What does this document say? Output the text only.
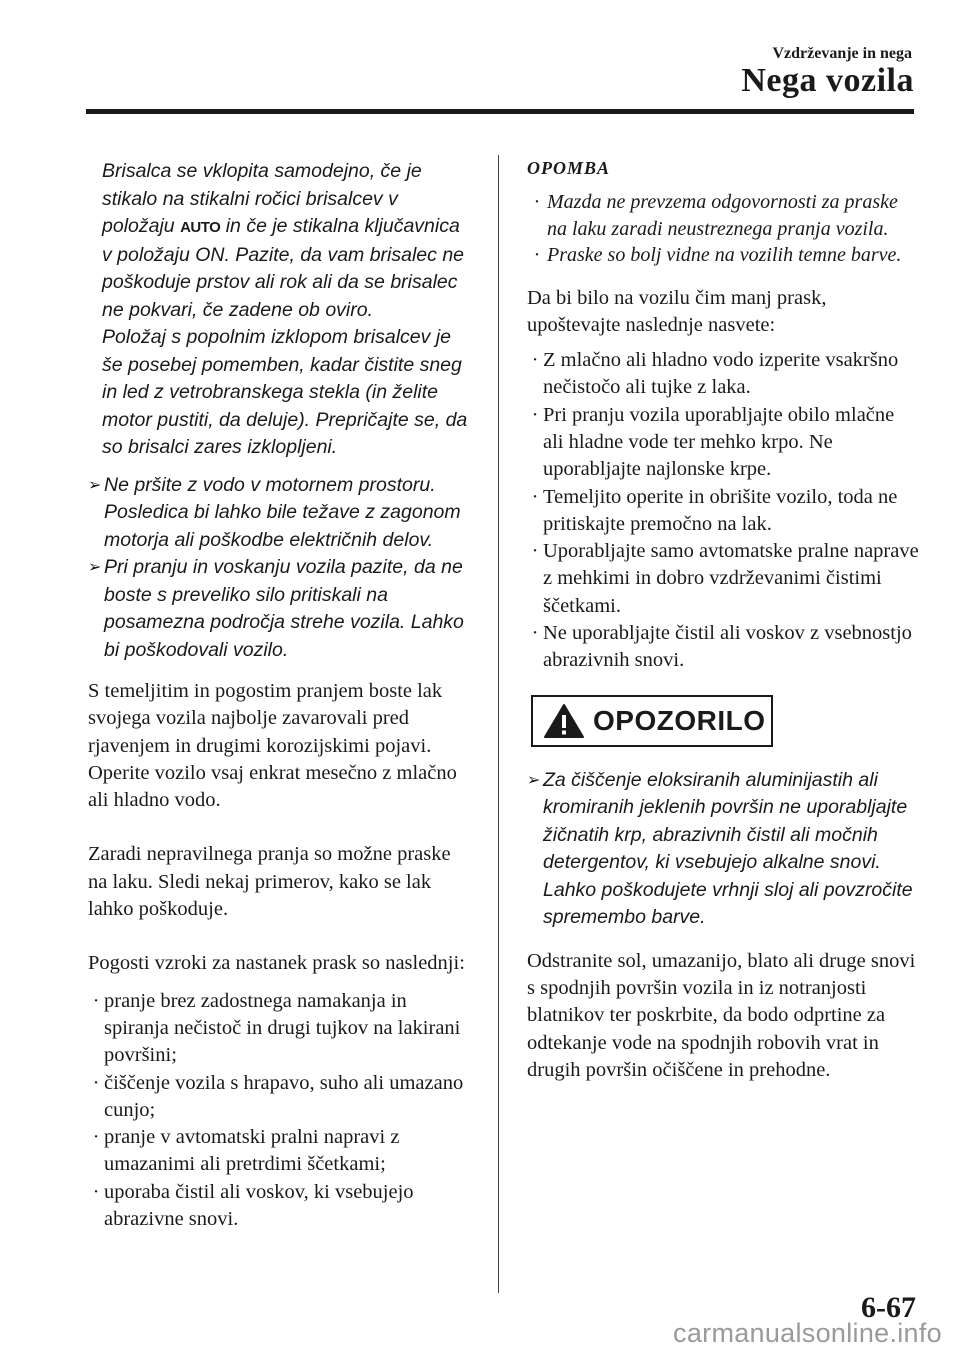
Vzdrževanje in nega
Nega vozila

Brisalca se vklopita samodejno, če je stikalo na stikalni ročici brisalcev v položaju AUTO in če je stikalna ključavnica v položaju ON. Pazite, da vam brisalec ne poškoduje prstov ali rok ali da se brisalec ne pokvari, če zadene ob oviro.

Položaj s popolnim izklopom brisalcev je še posebej pomemben, kadar čistite sneg in led z vetrobranskega stekla (in želite motor pustiti, da deluje). Prepričajte se, da so brisalci zares izklopljeni.

➢ Ne pršite z vodo v motornem prostoru. Posledica bi lahko bile težave z zagonom motorja ali poškodbe električnih delov.
➢ Pri pranju in voskanju vozila pazite, da ne boste s preveliko silo pritiskali na posamezna področja strehe vozila. Lahko bi poškodovali vozilo.

S temeljitim in pogostim pranjem boste lak svojega vozila najbolje zavarovali pred rjavenjem in drugimi korozijskimi pojavi. Operite vozilo vsaj enkrat mesečno z mlačno ali hladno vodo.

Zaradi nepravilnega pranja so možne praske na laku. Sledi nekaj primerov, kako se lak lahko poškoduje.

Pogosti vzroki za nastanek prask so naslednji:

· pranje brez zadostnega namakanja in spiranja nečistoč in drugi tujkov na lakirani površini;
· čiščenje vozila s hrapavo, suho ali umazano cunjo;
· pranje v avtomatski pralni napravi z umazanimi ali pretrdimi ščetkami;
· uporaba čistil ali voskov, ki vsebujejo abrazivne snovi.

OPOMBA

· Mazda ne prevzema odgovornosti za praske na laku zaradi neustreznega pranja vozila.
· Praske so bolj vidne na vozilih temne barve.

Da bi bilo na vozilu čim manj prask, upoštevajte naslednje nasvete:

· Z mlačno ali hladno vodo izperite vsakršno nečistočo ali tujke z laka.
· Pri pranju vozila uporabljajte obilo mlačne ali hladne vode ter mehko krpo. Ne uporabljajte najlonske krpe.
· Temeljito operite in obrišite vozilo, toda ne pritiskajte premočno na lak.
· Uporabljajte samo avtomatske pralne naprave z mehkimi in dobro vzdrževanimi čistimi ščetkami.
· Ne uporabljajte čistil ali voskov z vsebnostjo abrazivnih snovi.
OPOZORILO
➢ Za čiščenje eloksiranih aluminijastih ali kromiranih jeklenih površin ne uporabljajte žičnatih krp, abrazivnih čistil ali močnih detergentov, ki vsebujejo alkalne snovi. Lahko poškodujete vrhnji sloj ali povzročite spremembo barve.

Odstranite sol, umazanijo, blato ali druge snovi s spodnjih površin vozila in iz notranjosti blatnikov ter poskrbite, da bodo odprtine za odtekanje vode na spodnjih robovih vrat in drugih površin očiščene in prehodne.

6-67
carmanualsonline.info
